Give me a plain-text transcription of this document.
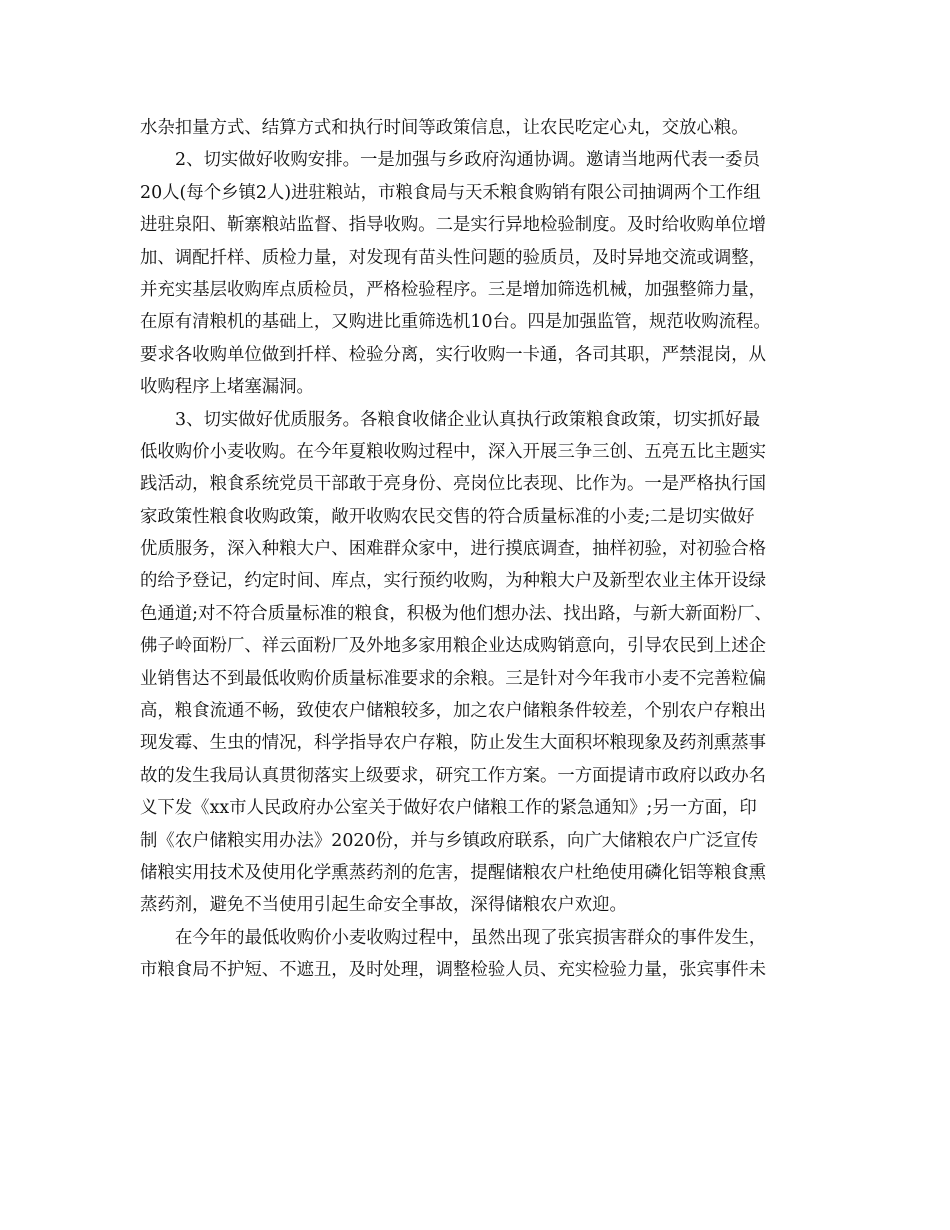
水杂扣量方式、结算方式和执行时间等政策信息，让农民吃定心丸，交放心粮。
2、切实做好收购安排。一是加强与乡政府沟通协调。邀请当地两代表一委员
20人(每个乡镇2人)进驻粮站，市粮食局与天禾粮食购销有限公司抽调两个工作组
进驻泉阳、靳寨粮站监督、指导收购。二是实行异地检验制度。及时给收购单位增
加、调配扦样、质检力量，对发现有苗头性问题的验质员，及时异地交流或调整，
并充实基层收购库点质检员，严格检验程序。三是增加筛选机械，加强整筛力量，
在原有清粮机的基础上，又购进比重筛选机10台。四是加强监管，规范收购流程。
要求各收购单位做到扦样、检验分离，实行收购一卡通，各司其职，严禁混岗，从
收购程序上堵塞漏洞。
3、切实做好优质服务。各粮食收储企业认真执行政策粮食政策，切实抓好最
低收购价小麦收购。在今年夏粮收购过程中，深入开展三争三创、五亮五比主题实
践活动，粮食系统党员干部敢于亮身份、亮岗位比表现、比作为。一是严格执行国
家政策性粮食收购政策，敞开收购农民交售的符合质量标准的小麦;二是切实做好
优质服务，深入种粮大户、困难群众家中，进行摸底调查，抽样初验，对初验合格
的给予登记，约定时间、库点，实行预约收购，为种粮大户及新型农业主体开设绿
色通道;对不符合质量标准的粮食，积极为他们想办法、找出路，与新大新面粉厂、
佛子岭面粉厂、祥云面粉厂及外地多家用粮企业达成购销意向，引导农民到上述企
业销售达不到最低收购价质量标准要求的余粮。三是针对今年我市小麦不完善粒偏
高，粮食流通不畅，致使农户储粮较多，加之农户储粮条件较差，个别农户存粮出
现发霉、生虫的情况，科学指导农户存粮，防止发生大面积坏粮现象及药剂熏蒸事
故的发生我局认真贯彻落实上级要求，研究工作方案。一方面提请市政府以政办名
义下发《xx市人民政府办公室关于做好农户储粮工作的紧急通知》;另一方面，印
制《农户储粮实用办法》2020份，并与乡镇政府联系，向广大储粮农户广泛宣传
储粮实用技术及使用化学熏蒸药剂的危害，提醒储粮农户杜绝使用磷化铝等粮食熏
蒸药剂，避免不当使用引起生命安全事故，深得储粮农户欢迎。
在今年的最低收购价小麦收购过程中，虽然出现了张宾损害群众的事件发生，
市粮食局不护短、不遮丑，及时处理，调整检验人员、充实检验力量，张宾事件未
